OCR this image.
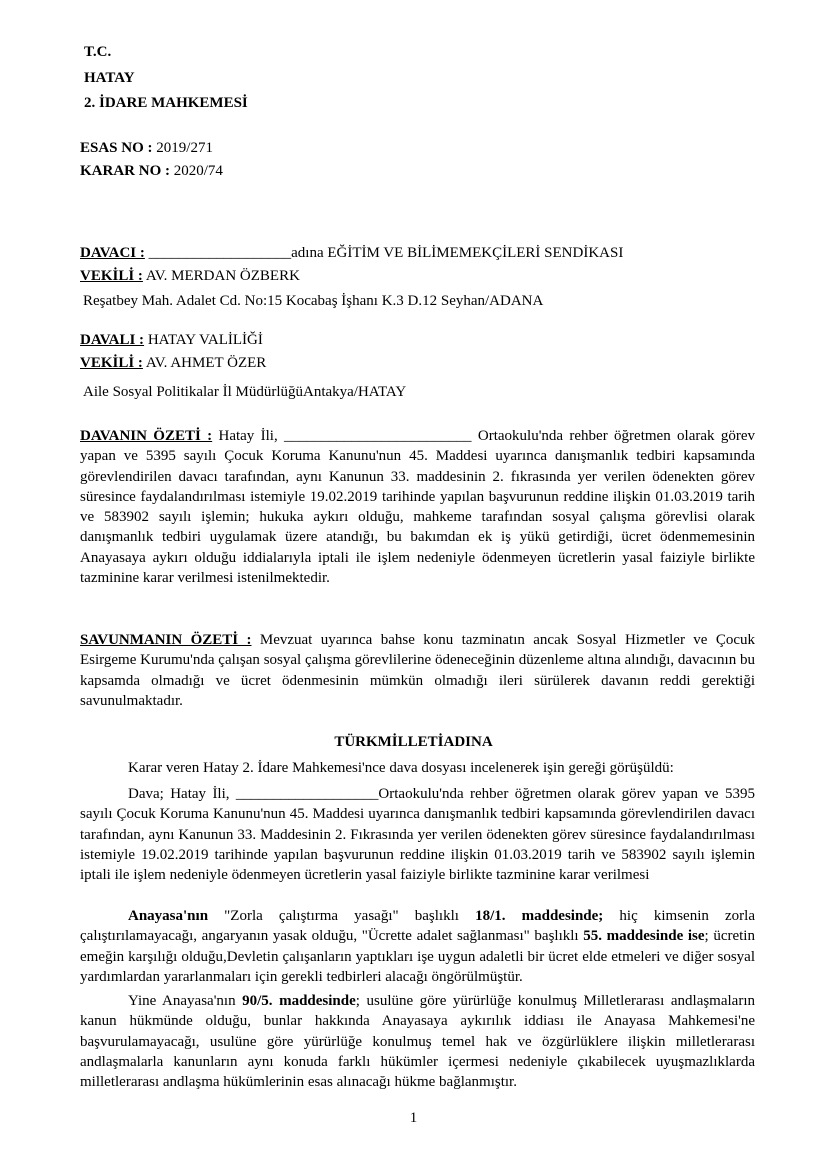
T.C.
HATAY
2. İDARE MAHKEMESİ
ESAS NO : 2019/271
KARAR NO : 2020/74
DAVACI : ___________________adına EĞİTİM VE BİLİMEMEKÇİLERİ SENDİKASI
VEKİLİ : AV. MERDAN ÖZBERK
Reşatbey Mah. Adalet Cd. No:15 Kocabaş İşhanı K.3 D.12 Seyhan/ADANA
DAVALI : HATAY VALİLİĞİ
VEKİLİ : AV. AHMET ÖZER
Aile Sosyal Politikalar İl MüdürlüğüAntakya/HATAY
DAVANIN ÖZETİ : Hatay İli, _________________________ Ortaokulu'nda rehber öğretmen olarak görev yapan ve 5395 sayılı Çocuk Koruma Kanunu'nun 45. Maddesi uyarınca danışmanlık tedbiri kapsamında görevlendirilen davacı tarafından, aynı Kanunun 33. maddesinin 2. fıkrasında yer verilen ödenekten görev süresince faydalandırılması istemiyle 19.02.2019 tarihinde yapılan başvurunun reddine ilişkin 01.03.2019 tarih ve 583902 sayılı işlemin; hukuka aykırı olduğu, mahkeme tarafından sosyal çalışma görevlisi olarak danışmanlık tedbiri uygulamak üzere atandığı, bu bakımdan ek iş yükü getirdiği, ücret ödenmemesinin Anayasaya aykırı olduğu iddialarıyla iptali ile işlem nedeniyle ödenmeyen ücretlerin yasal faiziyle birlikte tazminine karar verilmesi istenilmektedir.
SAVUNMANIN ÖZETİ : Mevzuat uyarınca bahse konu tazminatın ancak Sosyal Hizmetler ve Çocuk Esirgeme Kurumu'nda çalışan sosyal çalışma görevlilerine ödeneceğinin düzenleme altına alındığı, davacının bu kapsamda olmadığı ve ücret ödenmesinin mümkün olmadığı ileri sürülerek davanın reddi gerektiği savunulmaktadır.
TÜRKMİLLETİADINA
Karar veren Hatay 2. İdare Mahkemesi'nce dava dosyası incelenerek işin gereği görüşüldü:
Dava; Hatay İli, ___________________Ortaokulu'nda rehber öğretmen olarak görev yapan ve 5395 sayılı Çocuk Koruma Kanunu'nun 45. Maddesi uyarınca danışmanlık tedbiri kapsamında görevlendirilen davacı tarafından, aynı Kanunun 33. Maddesinin 2. Fıkrasında yer verilen ödenekten görev süresince faydalandırılması istemiyle 19.02.2019 tarihinde yapılan başvurunun reddine ilişkin 01.03.2019 tarih ve 583902 sayılı işlemin iptali ile işlem nedeniyle ödenmeyen ücretlerin yasal faiziyle birlikte tazminine karar verilmesi
Anayasa'nın "Zorla çalıştırma yasağı" başlıklı 18/1. maddesinde; hiç kimsenin zorla çalıştırılamayacağı, angaryanın yasak olduğu, "Ücrette adalet sağlanması" başlıklı 55. maddesinde ise; ücretin emeğin karşılığı olduğu,Devletin çalışanların yaptıkları işe uygun adaletli bir ücret elde etmeleri ve diğer sosyal yardımlardan yararlanmaları için gerekli tedbirleri alacağı öngörülmüştür.
Yine Anayasa'nın 90/5. maddesinde; usulüne göre yürürlüğe konulmuş Milletlerarası andlaşmaların kanun hükmünde olduğu, bunlar hakkında Anayasaya aykırılık iddiası ile Anayasa Mahkemesi'ne başvurulamayacağı, usulüne göre yürürlüğe konulmuş temel hak ve özgürlüklere ilişkin milletlerarası andlaşmalarla kanunların aynı konuda farklı hükümler içermesi nedeniyle çıkabilecek uyuşmazlıklarda milletlerarası andlaşma hükümlerinin esas alınacağı hükme bağlanmıştır.
1
